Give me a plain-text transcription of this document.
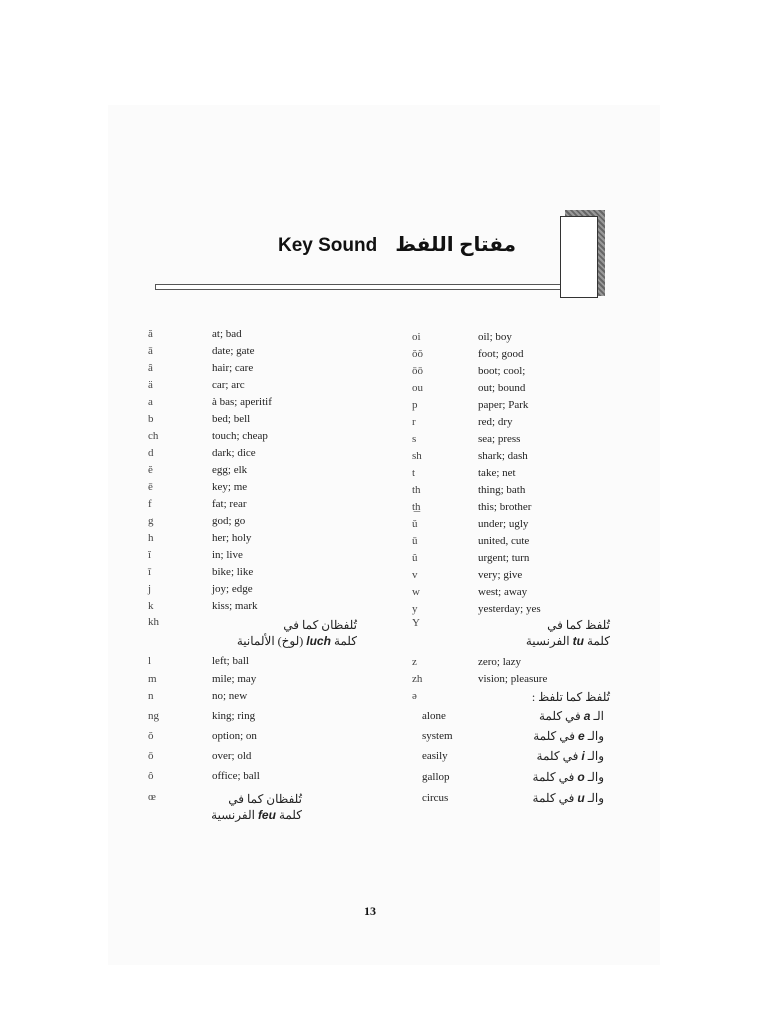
Key Sound مفتاح اللفظ
ă	at; bad
ā	date; gate
â	hair; care
ä	car; arc
a	à bas; aperitif
b	bed; bell
ch	touch; cheap
d	dark; dice
ĕ	egg; elk
ē	key; me
f	fat; rear
g	god; go
h	her; holy
ĭ	in; live
ī	bike; like
j	joy; edge
k	kiss; mark
kh	تُلفظان كما في
كلمة luch (لوخ) الألمانية
l	left; ball
m	mile; may
n	no; new
ng	king; ring
ŏ	option; on
ō	over; old
ô	office; ball
œ	تُلفظان كما في
كلمة feu الفرنسية
oi	oil; boy
ŏŏ	foot; good
ōō	boot; cool;
ou	out; bound
p	paper; Park
r	red; dry
s	sea; press
sh	shark; dash
t	take; net
th	thing; bath
t͟h	this; brother
ŭ	under; ugly
ū	united, cute
û	urgent; turn
v	very; give
w	west; away
y	yesterday; yes
Y	تُلفظ كما في
كلمة tu الفرنسية
z	zero; lazy
zh	vision; pleasure
ə	تُلفظ كما تلفظ :
alone	الـ a في كلمة
system	والـ e في كلمة
easily	والـ i في كلمة
gallop	والـ o في كلمة
circus	والـ u في كلمة
13
